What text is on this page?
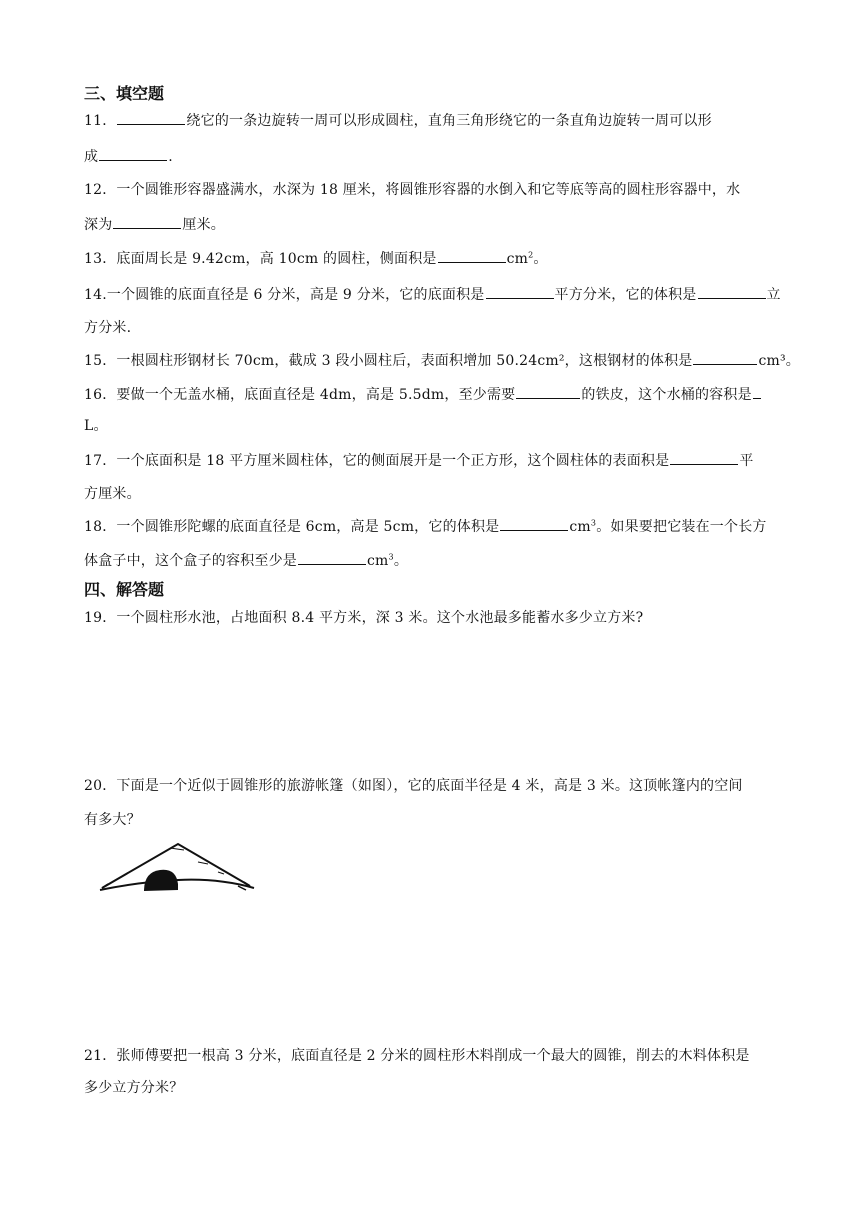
三、填空题
11．	绕它的一条边旋转一周可以形成圆柱，直角三角形绕它的一条直角边旋转一周可以形
成	.
12．一个圆锥形容器盛满水，水深为 18 厘米，将圆锥形容器的水倒入和它等底等高的圆柱形容器中，水
深为	厘米。
13．底面周长是 9.42cm，高 10cm 的圆柱，侧面积是	$cm^2$。
14.一个圆锥的底面直径是 6 分米，高是 9 分米，它的底面积是	平方分米，它的体积是	立
方分米.
15．一根圆柱形钢材长 70cm，截成 3 段小圆柱后，表面积增加 50.24cm²，这根钢材的体积是	cm³。
16．要做一个无盖水桶，底面直径是 4dm，高是 5.5dm，至少需要	的铁皮，这个水桶的容积是
L。
17．一个底面积是 18 平方厘米圆柱体，它的侧面展开是一个正方形，这个圆柱体的表面积是	平
方厘米。
18．一个圆锥形陀螺的底面直径是 6cm，高是 5cm，它的体积是	$cm^3$。如果要把它装在一个长方
体盒子中，这个盒子的容积至少是	$cm^3$。
四、解答题
19．一个圆柱形水池，占地面积 8.4 平方米，深 3 米。这个水池最多能蓄水多少立方米?
20．下面是一个近似于圆锥形的旅游帐篷（如图），它的底面半径是 4 米，高是 3 米。这顶帐篷内的空间
有多大？
21．张师傅要把一根高 3 分米，底面直径是 2 分米的圆柱形木料削成一个最大的圆锥，削去的木料体积是
多少立方分米？
